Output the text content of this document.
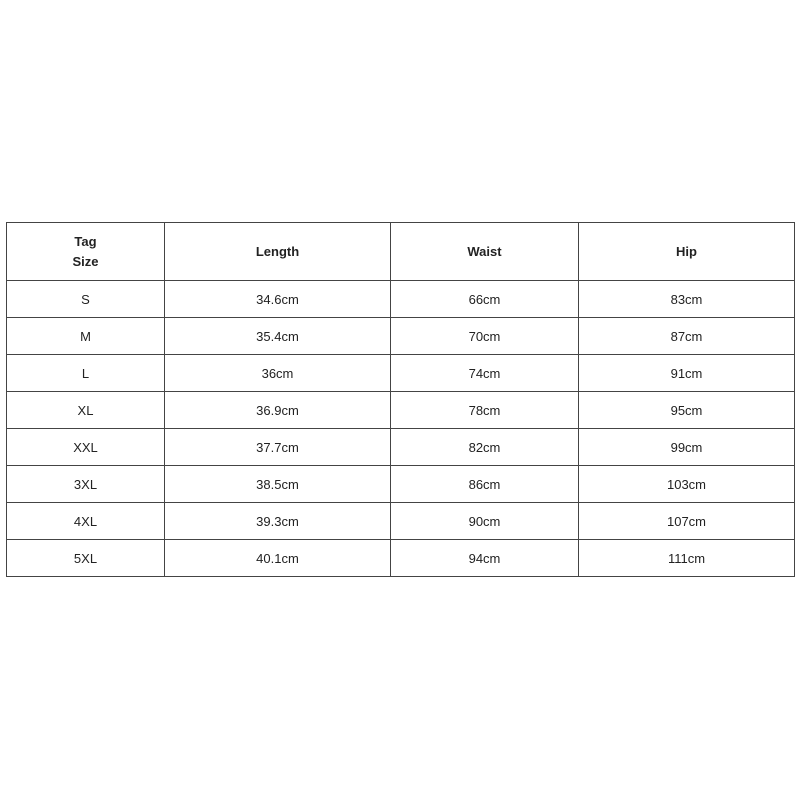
Tag
Size	Length	Waist	Hip
S	34.6cm	66cm	83cm
M	35.4cm	70cm	87cm
L	36cm	74cm	91cm
XL	36.9cm	78cm	95cm
XXL	37.7cm	82cm	99cm
3XL	38.5cm	86cm	103cm
4XL	39.3cm	90cm	107cm
5XL	40.1cm	94cm	111cm
